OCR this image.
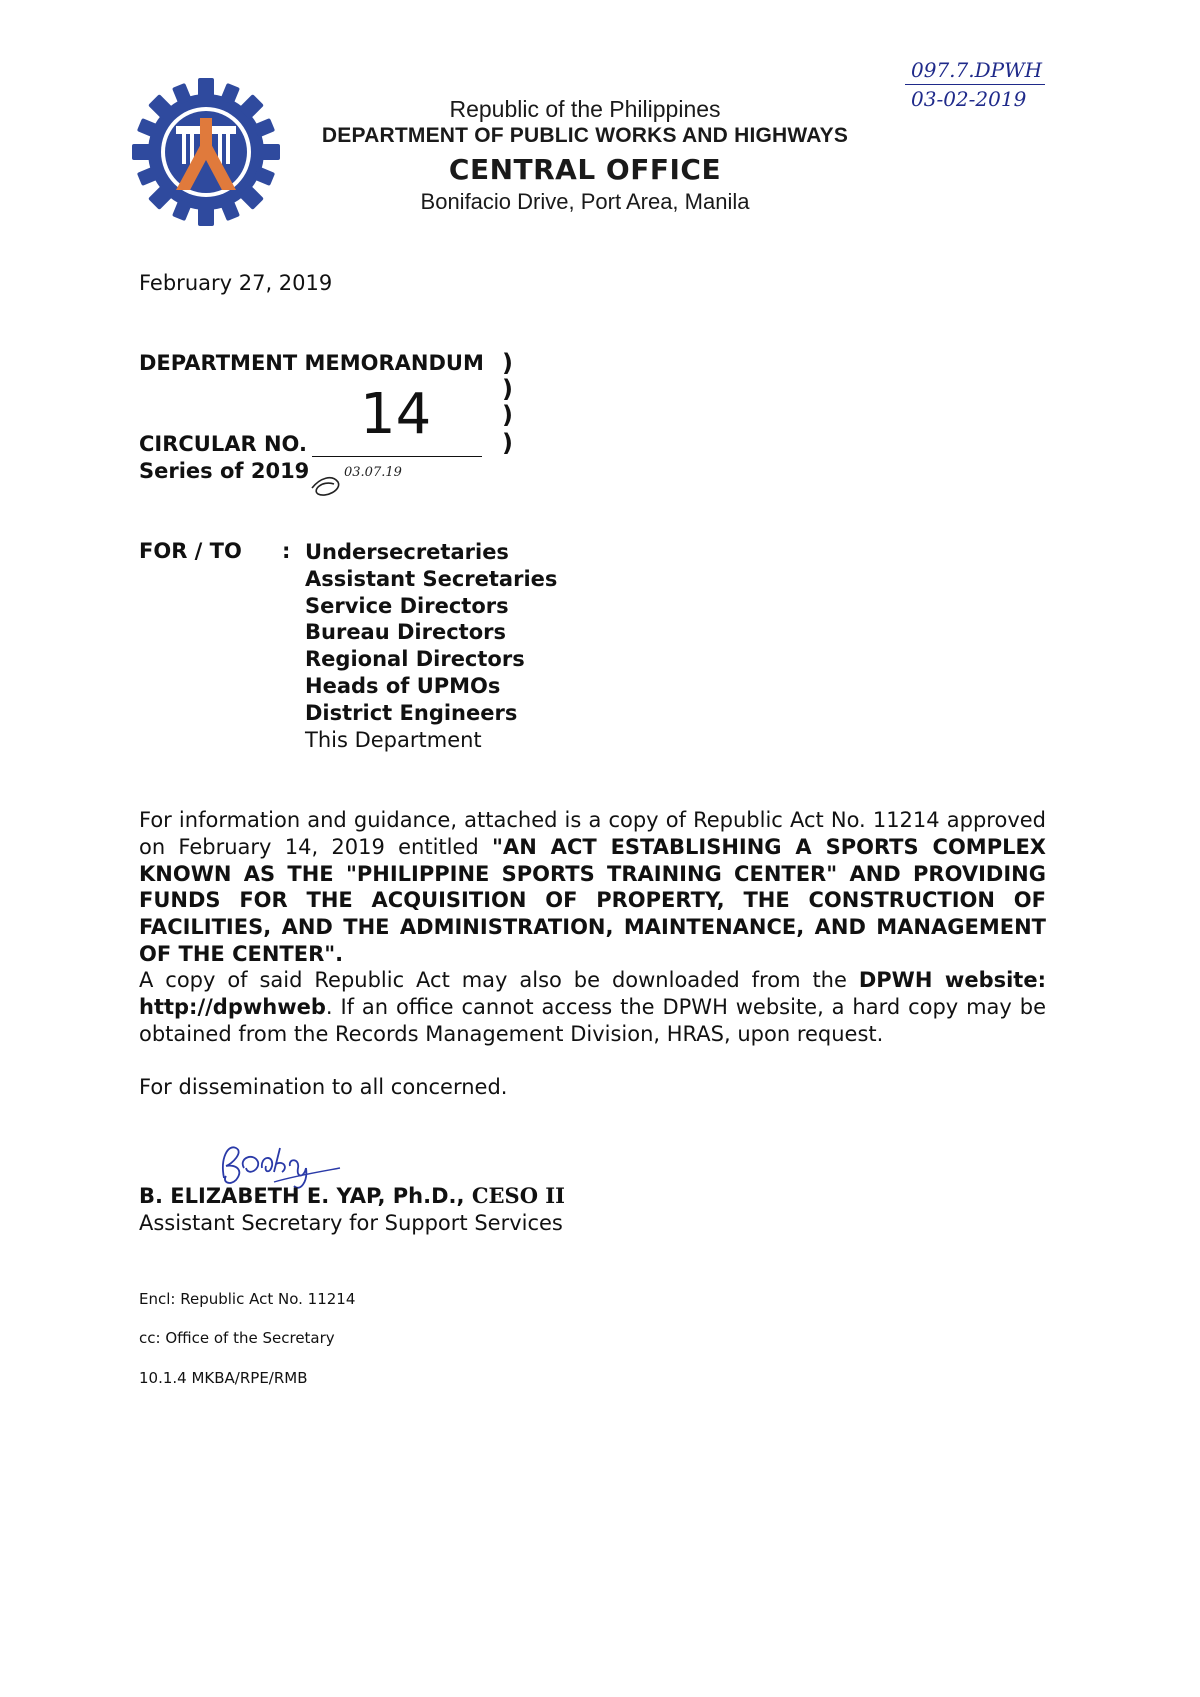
Republic of the Philippines
DEPARTMENT OF PUBLIC WORKS AND HIGHWAYS
CENTRAL OFFICE
Bonifacio Drive, Port Area, Manila
097.7.DPWH
03-02-2019
February 27, 2019
DEPARTMENT MEMORANDUM )
)
)
)
14
CIRCULAR NO.
Series of 2019	03.07.19
FOR / TO : Undersecretaries
Assistant Secretaries
Service Directors
Bureau Directors
Regional Directors
Heads of UPMOs
District Engineers
This Department
For information and guidance, attached is a copy of Republic Act No. 11214 approved on February 14, 2019 entitled "AN ACT ESTABLISHING A SPORTS COMPLEX KNOWN AS THE "PHILIPPINE SPORTS TRAINING CENTER" AND PROVIDING FUNDS FOR THE ACQUISITION OF PROPERTY, THE CONSTRUCTION OF FACILITIES, AND THE ADMINISTRATION, MAINTENANCE, AND MANAGEMENT OF THE CENTER".
A copy of said Republic Act may also be downloaded from the DPWH website: http://dpwhweb. If an office cannot access the DPWH website, a hard copy may be obtained from the Records Management Division, HRAS, upon request.
For dissemination to all concerned.
B. ELIZABETH E. YAP, Ph.D., CESO II
Assistant Secretary for Support Services
Encl: Republic Act No. 11214
cc: Office of the Secretary
10.1.4 MKBA/RPE/RMB
